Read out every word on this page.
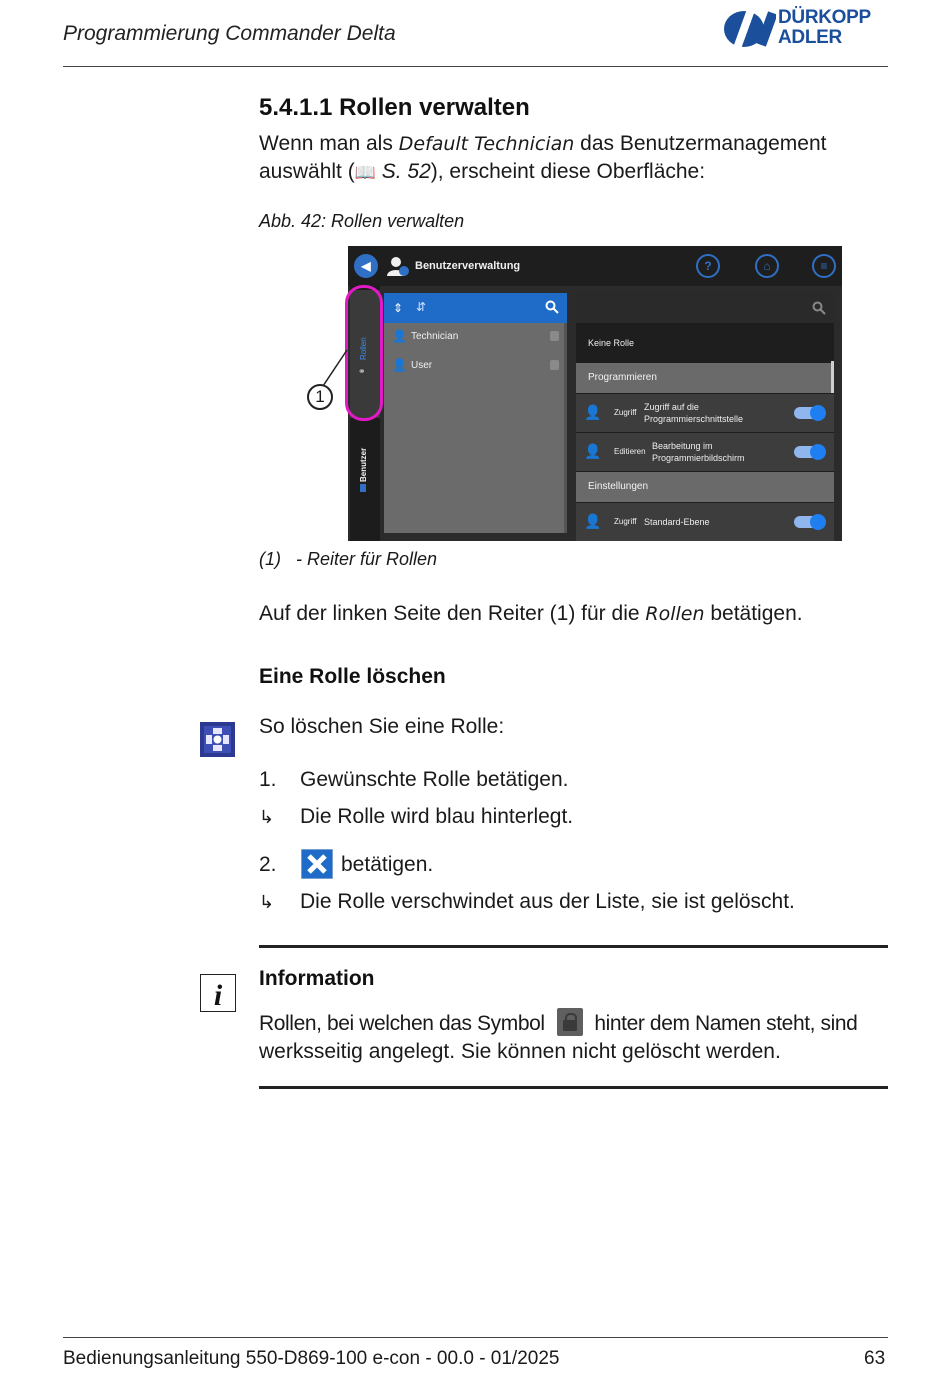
Programmierung Commander Delta
DÜRKOPP
ADLER
5.4.1.1 Rollen verwalten
Wenn man als Default Technician das Benutzermanagement
auswählt (📖 S. 52), erscheint diese Oberfläche:
Abb. 42: Rollen verwalten
◀	Benutzerverwaltung	?	⌂	≡
Rollen
⚭
Benutzer
⇕ ⇵
👤 Technician
👤 User
Keine Rolle
Programmieren
👤 Zugriff
Zugriff auf die
Programmierschnittstelle
👤 Editieren
Bearbeitung im
Programmierbildschirm
Einstellungen
👤 Zugriff Standard-Ebene
1
(1) - Reiter für Rollen
Auf der linken Seite den Reiter (1) für die Rollen betätigen.
Eine Rolle löschen
So löschen Sie eine Rolle:
1. Gewünschte Rolle betätigen.
↳ Die Rolle wird blau hinterlegt.
2.	betätigen.
↳ Die Rolle verschwindet aus der Liste, sie ist gelöscht.
i
Information
Rollen, bei welchen das Symbol hinter dem Namen steht, sind
werksseitig angelegt. Sie können nicht gelöscht werden.
Bedienungsanleitung 550-D869-100 e-con - 00.0 - 01/2025	63
